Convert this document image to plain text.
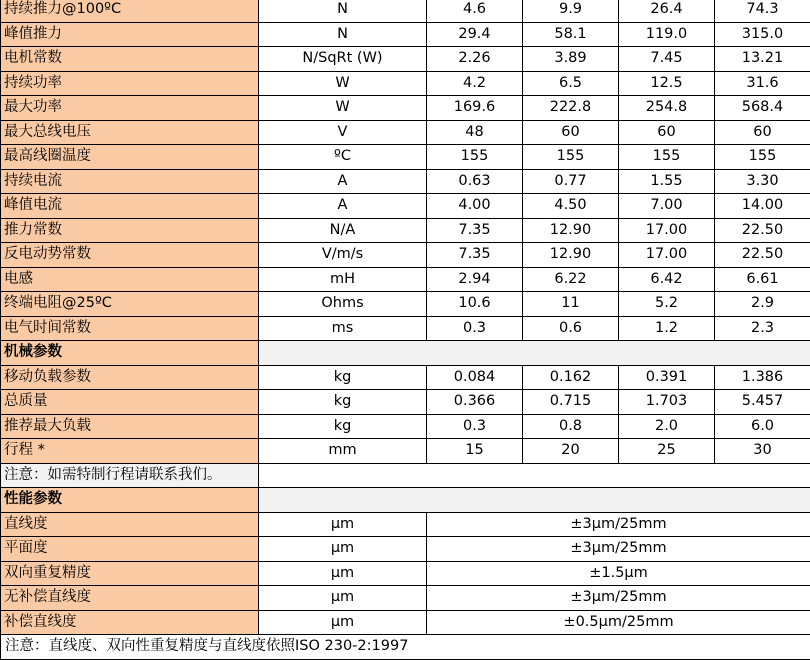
持续推力@100ºC	N	4.6	9.9	26.4	74.3
峰值推力	N	29.4	58.1	119.0	315.0
电机常数	N/SqRt (W)	2.26	3.89	7.45	13.21
持续功率	W	4.2	6.5	12.5	31.6
最大功率	W	169.6	222.8	254.8	568.4
最大总线电压	V	48	60	60	60
最高线圈温度	ºC	155	155	155	155
持续电流	A	0.63	0.77	1.55	3.30
峰值电流	A	4.00	4.50	7.00	14.00
推力常数	N/A	7.35	12.90	17.00	22.50
反电动势常数	V/m/s	7.35	12.90	17.00	22.50
电感	mH	2.94	6.22	6.42	6.61
终端电阻@25ºC	Ohms	10.6	11	5.2	2.9
电气时间常数	ms	0.3	0.6	1.2	2.3
机械参数					
移动负载参数	kg	0.084	0.162	0.391	1.386
总质量	kg	0.366	0.715	1.703	5.457
推荐最大负载	kg	0.3	0.8	2.0	6.0
行程 *	mm	15	20	25	30
注意：如需特制行程请联系我们。					
性能参数					
直线度	µm	±3µm/25mm			
平面度	µm	±3µm/25mm			
双向重复精度	µm	±1.5µm			
无补偿直线度	µm	±3µm/25mm			
补偿直线度	µm	±0.5µm/25mm			
注意：直线度、双向性重复精度与直线度依照ISO 230-2:1997					
